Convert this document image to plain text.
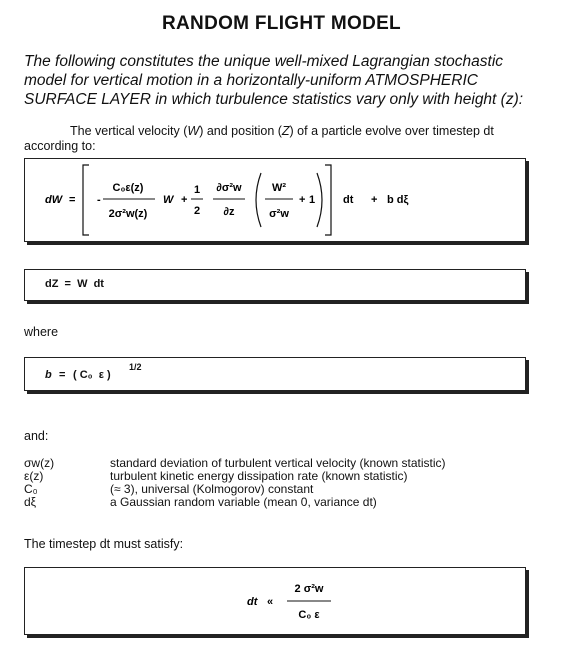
RANDOM FLIGHT MODEL
The following constitutes the unique well-mixed Lagrangian stochastic model for vertical motion in a horizontally-uniform ATMOSPHERIC SURFACE LAYER in which turbulence statistics vary only with height (z):
The vertical velocity (W) and position (Z) of a particle evolve over timestep dt according to:
dW = -
C₀ε(z)
2σ²w(z)
W +
1
2
∂σ²w
∂z
W²
σ²w
+ 1	dt + b dξ
dZ  =  W  dt
where
b = ( C₀  ε )
1/2
and:
σw(z)	standard deviation of turbulent vertical velocity (known statistic)
ε(z)	turbulent kinetic energy dissipation rate (known statistic)
C₀	(≈ 3), universal (Kolmogorov) constant
dξ	a Gaussian random variable (mean 0, variance dt)
The timestep dt must satisfy:
dt «
2 σ²w
C₀ ε
